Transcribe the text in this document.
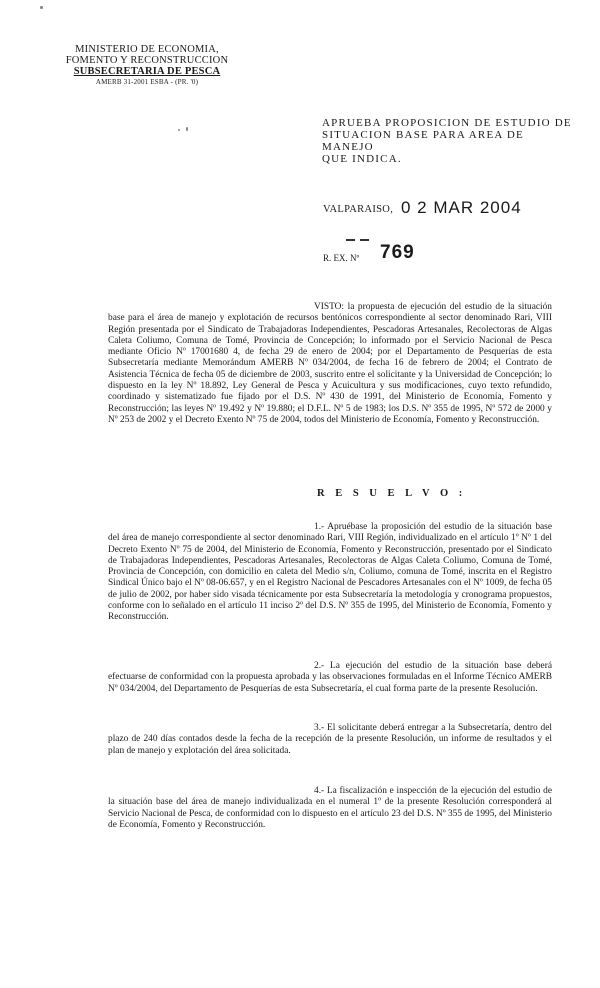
MINISTERIO DE ECONOMIA,
FOMENTO Y RECONSTRUCCION
SUBSECRETARIA DE PESCA
AMERB 31-2001 ESBA - (PR. '0)
APRUEBA PROPOSICION DE ESTUDIO DE
SITUACION BASE PARA AREA DE MANEJO
QUE INDICA.
VALPARAISO, 0 2 MAR 2004
R. EX. Nº 769
VISTO: la propuesta de ejecución del estudio de la situación base para el área de manejo y explotación de recursos bentónicos correspondiente al sector denominado Rari, VIII Región presentada por el Sindicato de Trabajadoras Independientes, Pescadoras Artesanales, Recolectoras de Algas Caleta Coliumo, Comuna de Tomé, Provincia de Concepción; lo informado por el Servicio Nacional de Pesca mediante Oficio Nº 17001680 4, de fecha 29 de enero de 2004; por el Departamento de Pesquerías de esta Subsecretaría mediante Memorándum AMERB Nº 034/2004, de fecha 16 de febrero de 2004; el Contrato de Asistencia Técnica de fecha 05 de diciembre de 2003, suscrito entre el solicitante y la Universidad de Concepción; lo dispuesto en la ley Nº 18.892, Ley General de Pesca y Acuicultura y sus modificaciones, cuyo texto refundido, coordinado y sistematizado fue fijado por el D.S. Nº 430 de 1991, del Ministerio de Economía, Fomento y Reconstrucción; las leyes Nº 19.492 y Nº 19.880; el D.F.L. Nº 5 de 1983; los D.S. Nº 355 de 1995, Nº 572 de 2000 y Nº 253 de 2002 y el Decreto Exento Nº 75 de 2004, todos del Ministerio de Economía, Fomento y Reconstrucción.
R E S U E L V O :
1.- Apruébase la proposición del estudio de la situación base del área de manejo correspondiente al sector denominado Rari, VIII Región, individualizado en el artículo 1º Nº 1 del Decreto Exento Nº 75 de 2004, del Ministerio de Economía, Fomento y Reconstrucción, presentado por el Sindicato de Trabajadoras Independientes, Pescadoras Artesanales, Recolectoras de Algas Caleta Coliumo, Comuna de Tomé, Provincia de Concepción, con domicilio en caleta del Medio s/n, Coliumo, comuna de Tomé, inscrita en el Registro Sindical Único bajo el Nº 08-06.657, y en el Registro Nacional de Pescadores Artesanales con el Nº 1009, de fecha 05 de julio de 2002, por haber sido visada técnicamente por esta Subsecretaría la metodología y cronograma propuestos, conforme con lo señalado en el artículo 11 inciso 2º del D.S. Nº 355 de 1995, del Ministerio de Economía, Fomento y Reconstrucción.
2.- La ejecución del estudio de la situación base deberá efectuarse de conformidad con la propuesta aprobada y las observaciones formuladas en el Informe Técnico AMERB Nº 034/2004, del Departamento de Pesquerías de esta Subsecretaría, el cual forma parte de la presente Resolución.
3.- El solicitante deberá entregar a la Subsecretaría, dentro del plazo de 240 días contados desde la fecha de la recepción de la presente Resolución, un informe de resultados y el plan de manejo y explotación del área solicitada.
4.- La fiscalización e inspección de la ejecución del estudio de la situación base del área de manejo individualizada en el numeral 1º de la presente Resolución corresponderá al Servicio Nacional de Pesca, de conformidad con lo dispuesto en el artículo 23 del D.S. Nº 355 de 1995, del Ministerio de Economía, Fomento y Reconstrucción.
